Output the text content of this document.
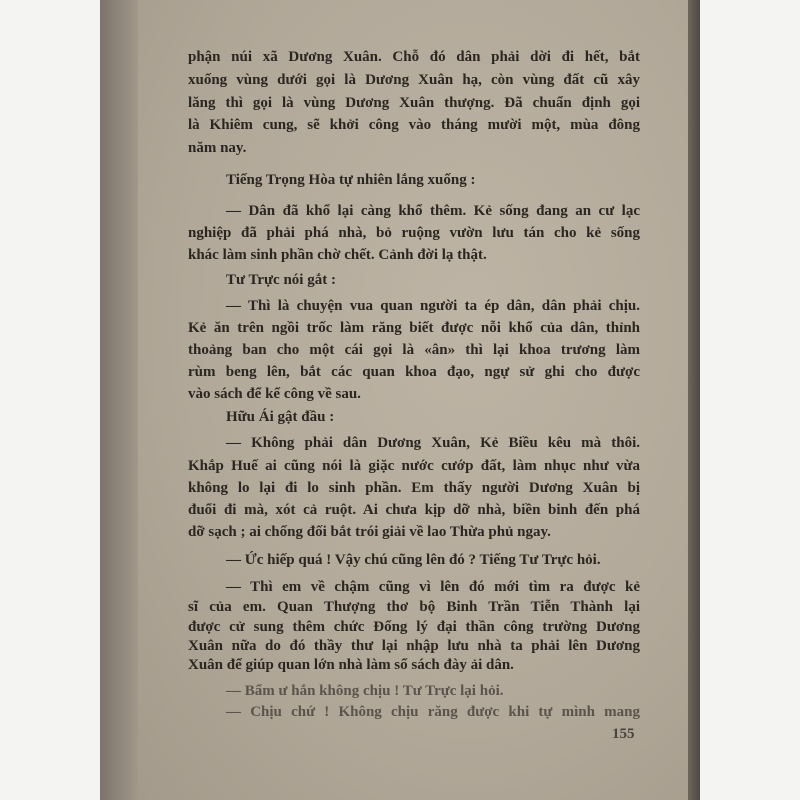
phận núi xã Dương Xuân. Chỗ đó dân phải dời đi hết, bắt
xuống vùng dưới gọi là Dương Xuân hạ, còn vùng đất cũ xây
lăng thì gọi là vùng Dương Xuân thượng. Đã chuẩn định gọi
là Khiêm cung, sẽ khởi công vào tháng mười một, mùa đông
năm nay.
Tiếng Trọng Hòa tự nhiên lắng xuống :
— Dân đã khổ lại càng khổ thêm. Kẻ sống đang an cư lạc
nghiệp đã phải phá nhà, bỏ ruộng vườn lưu tán cho kẻ sống
khác làm sinh phần chờ chết. Cảnh đời lạ thật.
Tư Trực nói gắt :
— Thì là chuyện vua quan người ta ép dân, dân phải chịu.
Kẻ ăn trên ngồi trốc làm răng biết được nỗi khổ của dân, thỉnh
thoảng ban cho một cái gọi là «ân» thì lại khoa trương làm
rùm beng lên, bắt các quan khoa đạo, ngự sử ghi cho được
vào sách để kể công về sau.
Hữu Ái gật đầu :
— Không phải dân Dương Xuân, Kẻ Biều kêu mà thôi.
Khắp Huế ai cũng nói là giặc nước cướp đất, làm nhục như vừa
không lo lại đi lo sinh phần. Em thấy người Dương Xuân bị
đuổi đi mà, xót cả ruột. Ai chưa kịp dỡ nhà, biền binh đến phá
dỡ sạch ; ai chống đối bắt trói giải về lao Thừa phủ ngay.
— Ức hiếp quá ! Vậy chú cũng lên đó ? Tiếng Tư Trực hỏi.
— Thì em về chậm cũng vì lên đó mới tìm ra được kẻ
sĩ của em. Quan Thượng thơ bộ Binh Trần Tiễn Thành lại
được cử sung thêm chức Đổng lý đại thần công trường Dương
Xuân nữa do đó thầy thư lại nhập lưu nhà ta phải lên Dương
Xuân để giúp quan lớn nhà làm sổ sách đày ải dân.
— Bẩm ư hắn không chịu ! Tư Trực lại hỏi.
— Chịu chứ ! Không chịu răng được khi tự mình mang
155
